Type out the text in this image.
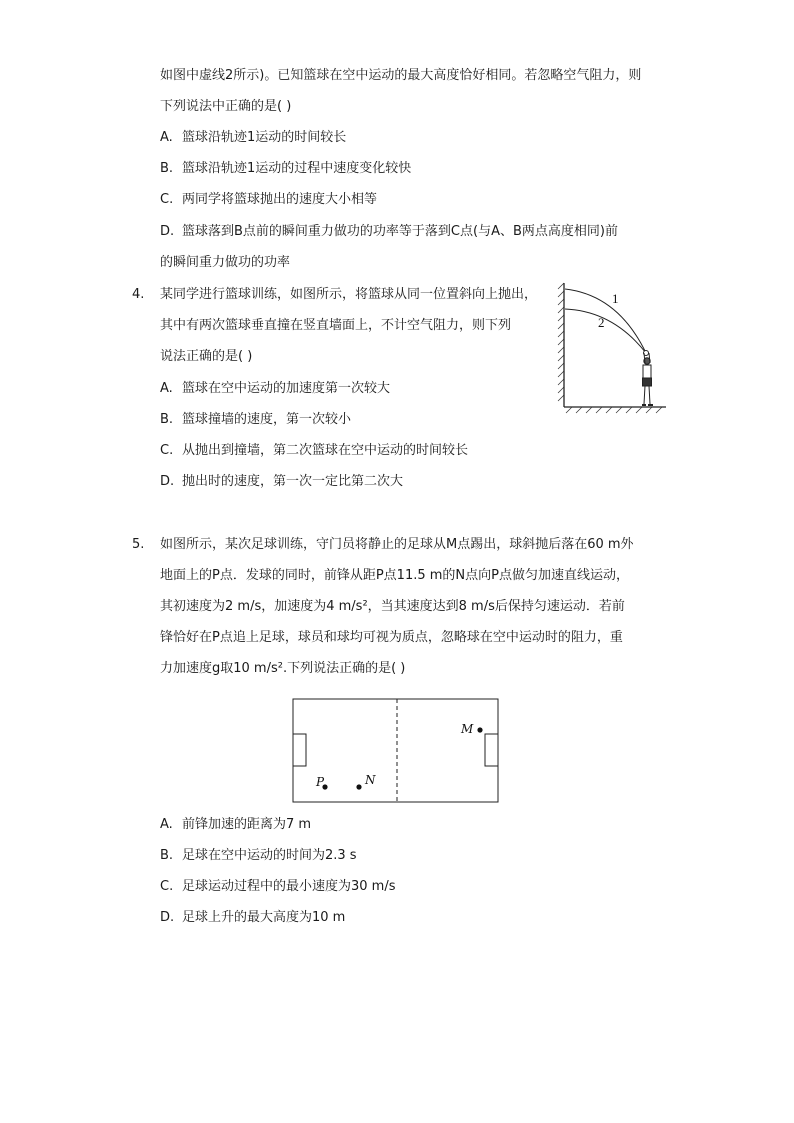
如图中虚线2所示)。已知篮球在空中运动的最大高度恰好相同。若忽略空气阻力，则
下列说法中正确的是( )
A. 篮球沿轨迹1运动的时间较长
B. 篮球沿轨迹1运动的过程中速度变化较快
C. 两同学将篮球抛出的速度大小相等
D. 篮球落到B点前的瞬间重力做功的功率等于落到C点(与A、B两点高度相同)前
的瞬间重力做功的功率
4. 某同学进行篮球训练，如图所示，将篮球从同一位置斜向上抛出，
其中有两次篮球垂直撞在竖直墙面上，不计空气阻力，则下列
说法正确的是( )
A. 篮球在空中运动的加速度第一次较大
B. 篮球撞墙的速度，第一次较小
C. 从抛出到撞墙，第二次篮球在空中运动的时间较长
D. 抛出时的速度，第一次一定比第二次大
1
2
5. 如图所示，某次足球训练，守门员将静止的足球从M点踢出，球斜抛后落在60 m外
地面上的P点．发球的同时，前锋从距P点11.5 m的N点向P点做匀加速直线运动，
其初速度为2 m/s，加速度为4 m/s²，当其速度达到8 m/s后保持匀速运动．若前
锋恰好在P点追上足球，球员和球均可视为质点，忽略球在空中运动时的阻力，重
力加速度g取10 m/s².下列说法正确的是( )
M
P	N
A. 前锋加速的距离为7 m
B. 足球在空中运动的时间为2.3 s
C. 足球运动过程中的最小速度为30 m/s
D. 足球上升的最大高度为10 m
